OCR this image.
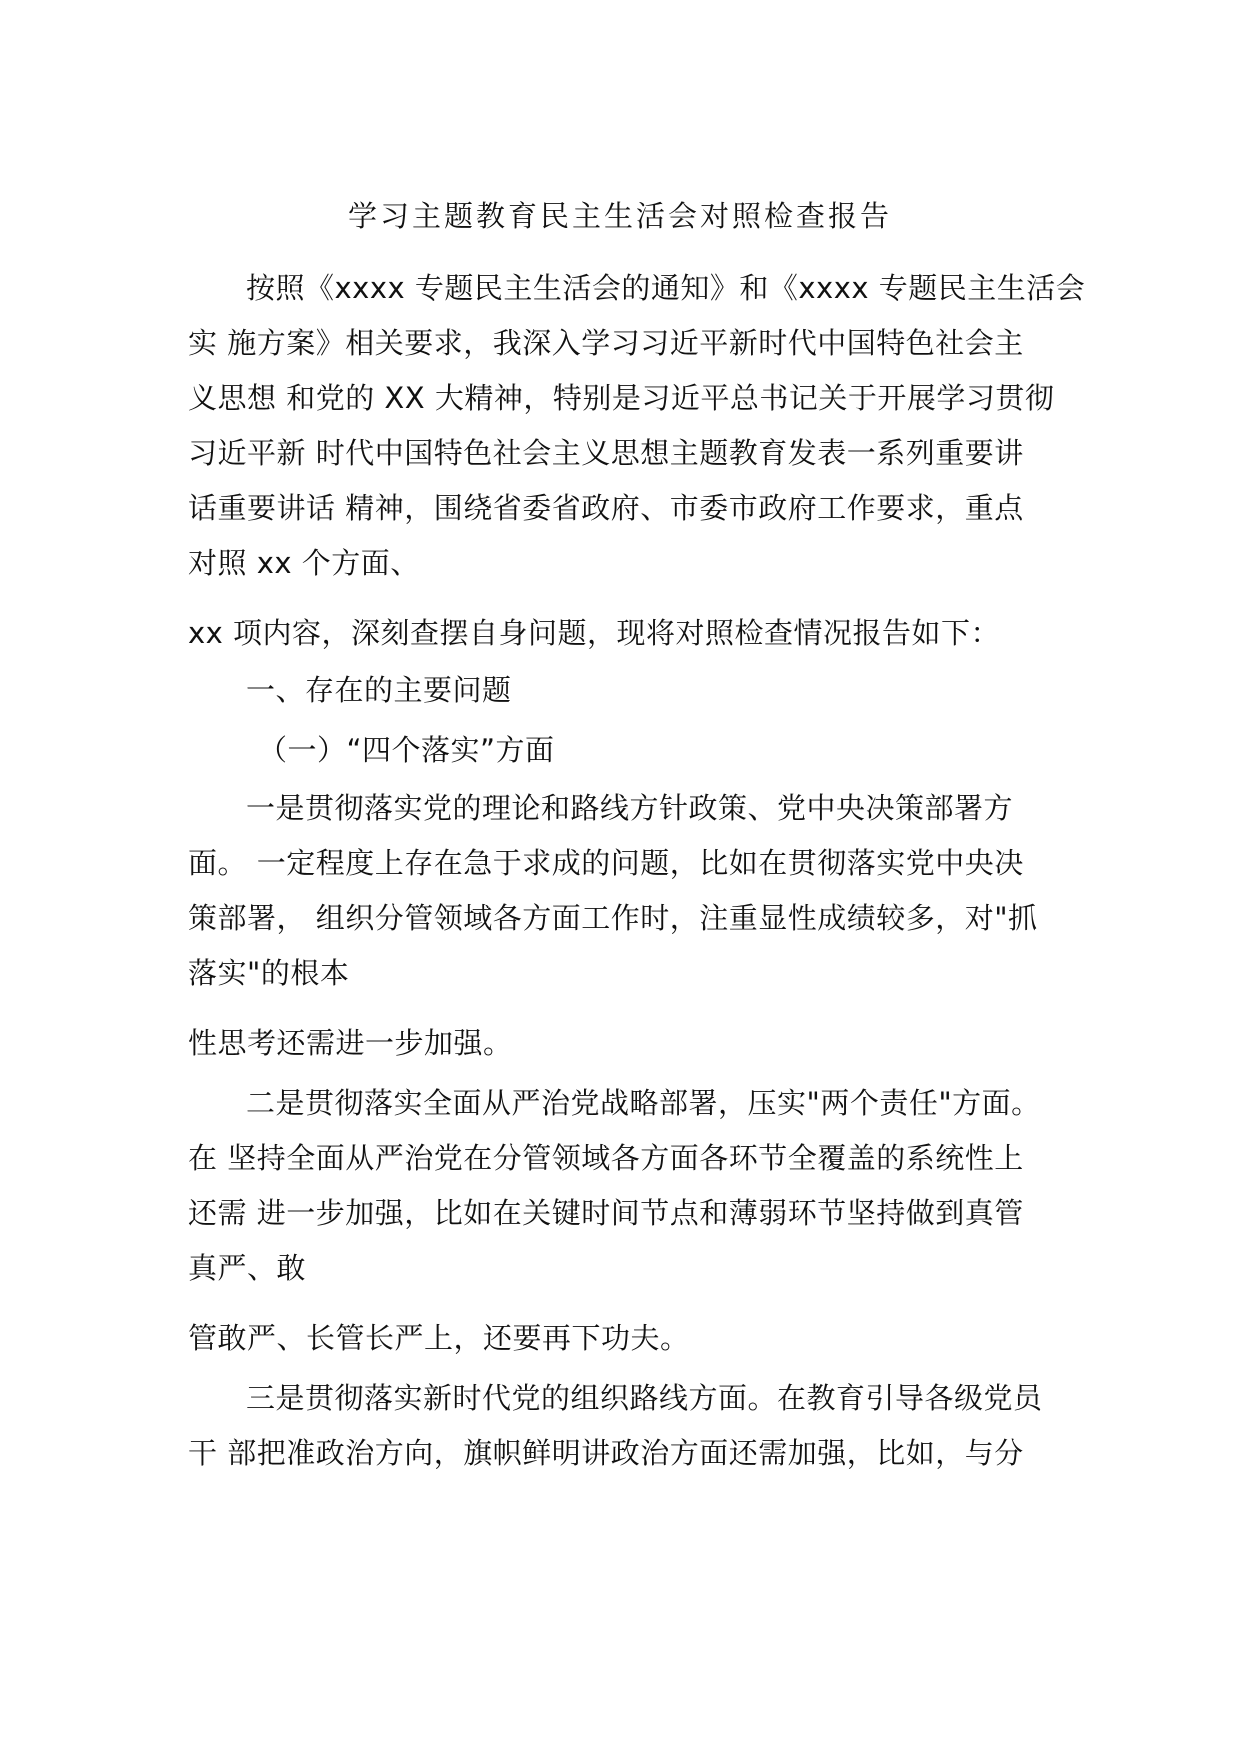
学习主题教育民主生活会对照检查报告
按照《xxxx 专题民主生活会的通知》和《xxxx 专题民主生活会
实 施方案》相关要求，我深入学习习近平新时代中国特色社会主
义思想 和党的 XX 大精神，特别是习近平总书记关于开展学习贯彻
习近平新 时代中国特色社会主义思想主题教育发表一系列重要讲
话重要讲话 精神，围绕省委省政府、市委市政府工作要求，重点
对照 xx 个方面、
xx 项内容，深刻查摆自身问题，现将对照检查情况报告如下：
一、存在的主要问题
（一）“四个落实”方面
一是贯彻落实党的理论和路线方针政策、党中央决策部署方
面。 一定程度上存在急于求成的问题，比如在贯彻落实党中央决
策部署， 组织分管领域各方面工作时，注重显性成绩较多，对"抓
落实"的根本
性思考还需进一步加强。
二是贯彻落实全面从严治党战略部署，压实"两个责任"方面。
在 坚持全面从严治党在分管领域各方面各环节全覆盖的系统性上
还需 进一步加强，比如在关键时间节点和薄弱环节坚持做到真管
真严、敢
管敢严、长管长严上，还要再下功夫。
三是贯彻落实新时代党的组织路线方面。在教育引导各级党员
干 部把准政治方向，旗帜鲜明讲政治方面还需加强，比如，与分
